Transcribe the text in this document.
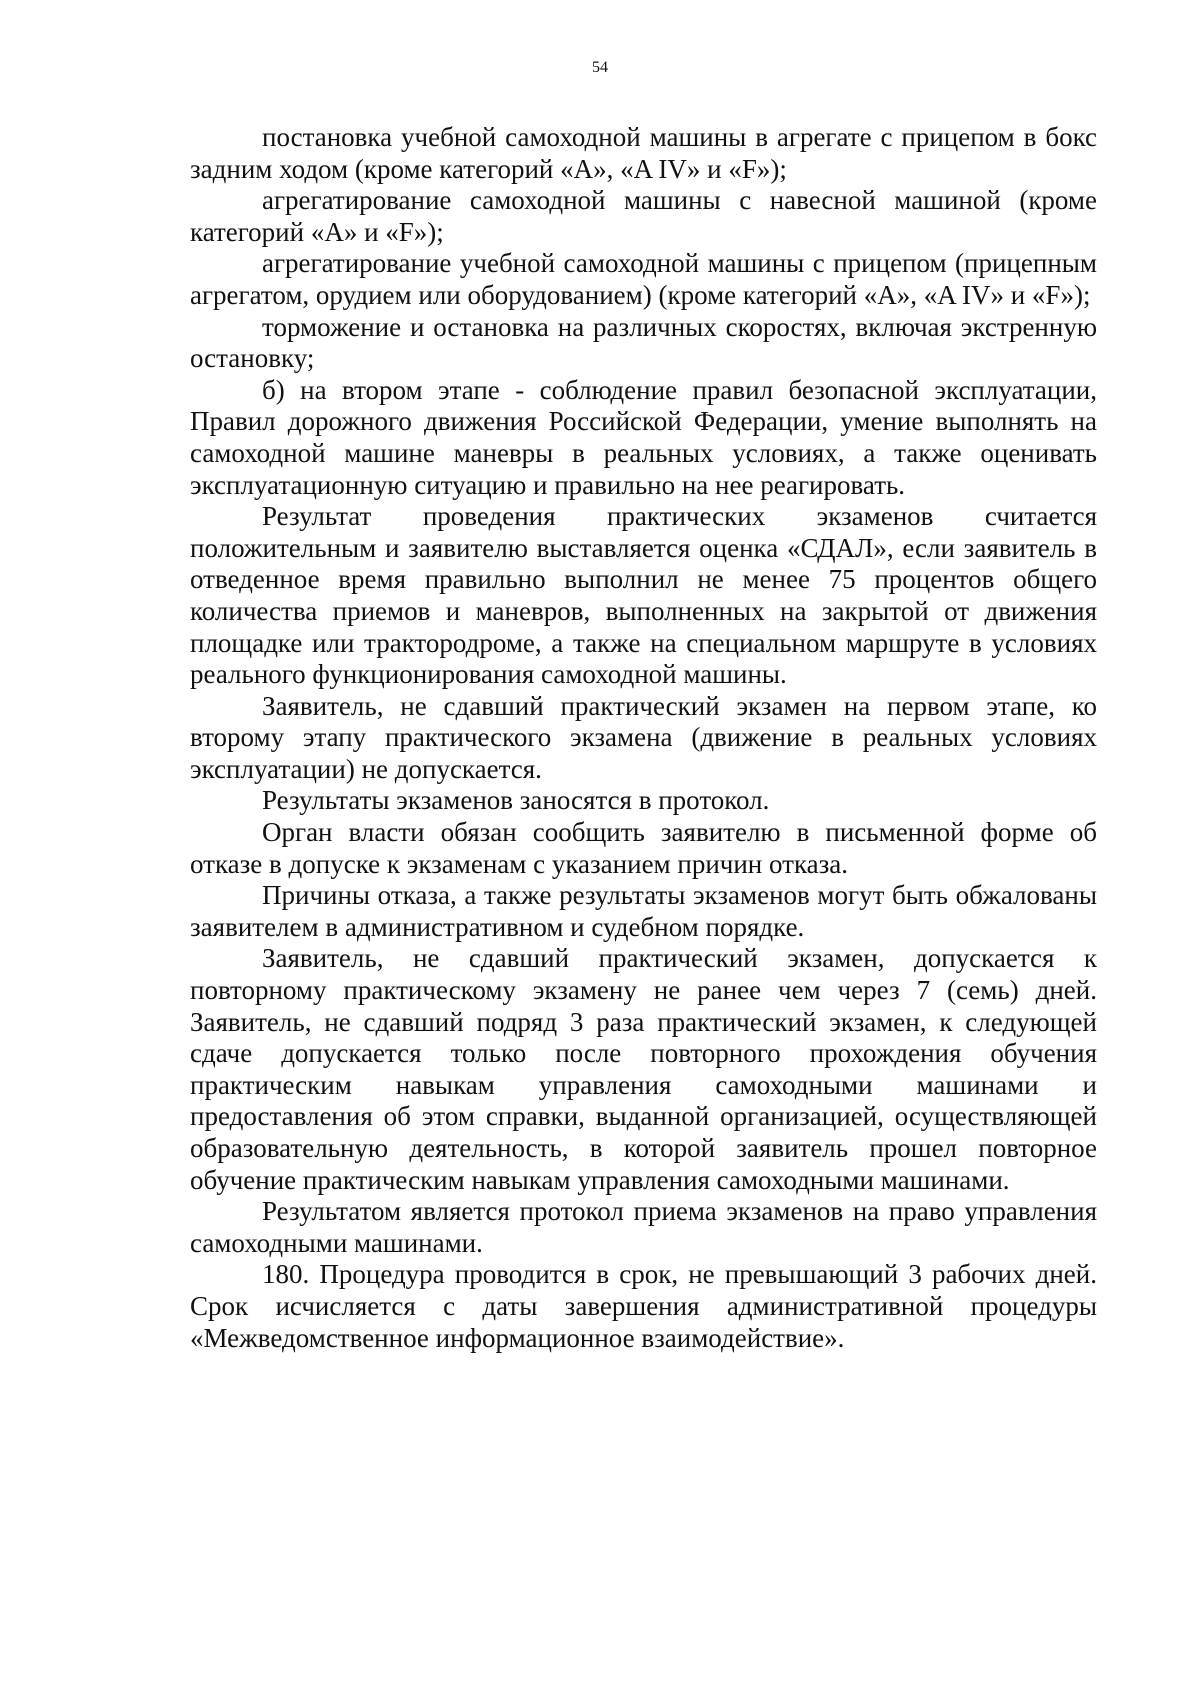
54

постановка учебной самоходной машины в агрегате с прицепом в бокс задним ходом (кроме категорий «A», «A IV» и «F»);

агрегатирование самоходной машины с навесной машиной (кроме категорий «A» и «F»);

агрегатирование учебной самоходной машины с прицепом (прицепным агрегатом, орудием или оборудованием) (кроме категорий «A», «A IV» и «F»);

торможение и остановка на различных скоростях, включая экстренную остановку;

б) на втором этапе - соблюдение правил безопасной эксплуатации, Правил дорожного движения Российской Федерации, умение выполнять на самоходной машине маневры в реальных условиях, а также оценивать эксплуатационную ситуацию и правильно на нее реагировать.

Результат проведения практических экзаменов считается положительным и заявителю выставляется оценка «СДАЛ», если заявитель в отведенное время правильно выполнил не менее 75 процентов общего количества приемов и маневров, выполненных на закрытой от движения площадке или трактородроме, а также на специальном маршруте в условиях реального функционирования самоходной машины.

Заявитель, не сдавший практический экзамен на первом этапе, ко второму этапу практического экзамена (движение в реальных условиях эксплуатации) не допускается.

Результаты экзаменов заносятся в протокол.

Орган власти обязан сообщить заявителю в письменной форме об отказе в допуске к экзаменам с указанием причин отказа.

Причины отказа, а также результаты экзаменов могут быть обжалованы заявителем в административном и судебном порядке.

Заявитель, не сдавший практический экзамен, допускается к повторному практическому экзамену не ранее чем через 7 (семь) дней. Заявитель, не сдавший подряд 3 раза практический экзамен, к следующей сдаче допускается только после повторного прохождения обучения практическим навыкам управления самоходными машинами и предоставления об этом справки, выданной организацией, осуществляющей образовательную деятельность, в которой заявитель прошел повторное обучение практическим навыкам управления самоходными машинами.

Результатом является протокол приема экзаменов на право управления самоходными машинами.

180. Процедура проводится в срок, не превышающий 3 рабочих дней. Срок исчисляется с даты завершения административной процедуры «Межведомственное информационное взаимодействие».
